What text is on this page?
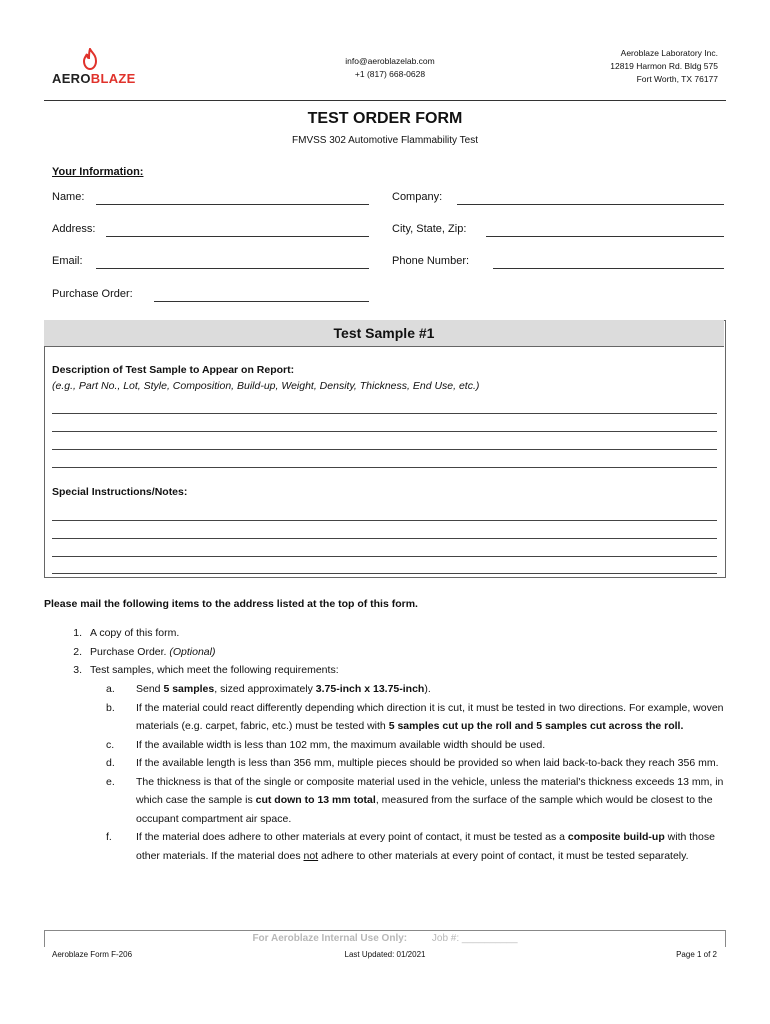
AEROBLAZE
info@aeroblazelab.com
+1 (817) 668-0628
Aeroblaze Laboratory Inc.
12819 Harmon Rd. Bldg 575
Fort Worth, TX 76177
TEST ORDER FORM
FMVSS 302 Automotive Flammability Test
Your Information:
Name:	Company:
Address:	City, State, Zip:
Email:	Phone Number:
Purchase Order:
Test Sample #1
Description of Test Sample to Appear on Report:
(e.g., Part No., Lot, Style, Composition, Build-up, Weight, Density, Thickness, End Use, etc.)
Special Instructions/Notes:
Please mail the following items to the address listed at the top of this form.
1. A copy of this form.
2. Purchase Order. (Optional)
3. Test samples, which meet the following requirements:
a.	Send 5 samples, sized approximately 3.75-inch x 13.75-inch).
b.	If the material could react differently depending which direction it is cut, it must be tested in two directions. For example, woven materials (e.g. carpet, fabric, etc.) must be tested with 5 samples cut up the roll and 5 samples cut across the roll.
c.	If the available width is less than 102 mm, the maximum available width should be used.
d.	If the available length is less than 356 mm, multiple pieces should be provided so when laid back-to-back they reach 356 mm.
e.	The thickness is that of the single or composite material used in the vehicle, unless the material's thickness exceeds 13 mm, in which case the sample is cut down to 13 mm total, measured from the surface of the sample which would be closest to the occupant compartment air space.
f.	If the material does adhere to other materials at every point of contact, it must be tested as a composite build-up with those other materials. If the material does not adhere to other materials at every point of contact, it must be tested separately.
For Aeroblaze Internal Use Only: Job #: __________
Aeroblaze Form F-206	Last Updated: 01/2021	Page 1 of 2
